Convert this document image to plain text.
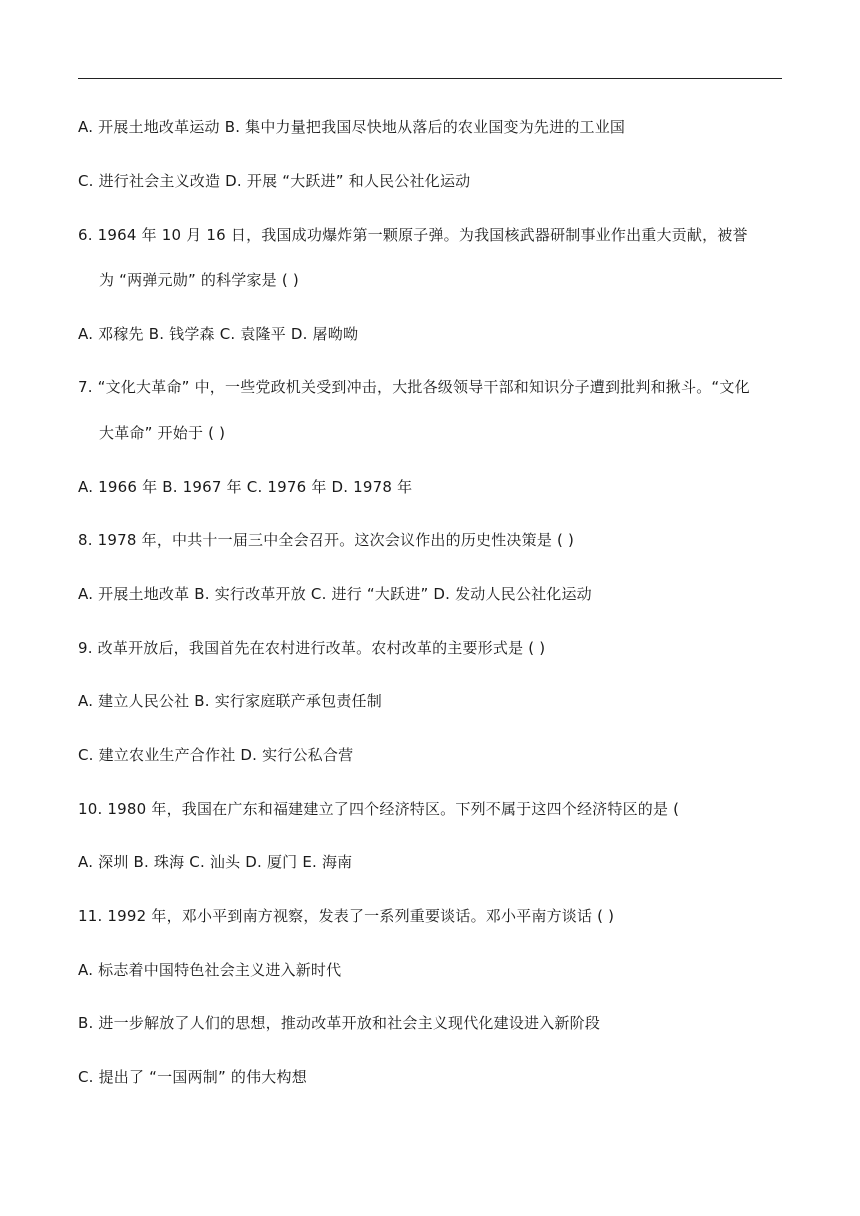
A. 开展土地改革运动 B. 集中力量把我国尽快地从落后的农业国变为先进的工业国
C. 进行社会主义改造 D. 开展 “大跃进” 和人民公社化运动
6. 1964 年 10 月 16 日，我国成功爆炸第一颗原子弹。为我国核武器研制事业作出重大贡献，被誉
为 “两弹元勋” 的科学家是 ( )
A. 邓稼先 B. 钱学森 C. 袁隆平 D. 屠呦呦
7. “文化大革命” 中，一些党政机关受到冲击，大批各级领导干部和知识分子遭到批判和揪斗。“文化
大革命” 开始于 ( )
A. 1966 年 B. 1967 年 C. 1976 年 D. 1978 年
8. 1978 年，中共十一届三中全会召开。这次会议作出的历史性决策是 ( )
A. 开展土地改革 B. 实行改革开放 C. 进行 “大跃进” D. 发动人民公社化运动
9. 改革开放后，我国首先在农村进行改革。农村改革的主要形式是 ( )
A. 建立人民公社 B. 实行家庭联产承包责任制
C. 建立农业生产合作社 D. 实行公私合营
10. 1980 年，我国在广东和福建建立了四个经济特区。下列不属于这四个经济特区的是 (
A. 深圳 B. 珠海 C. 汕头 D. 厦门 E. 海南
11. 1992 年，邓小平到南方视察，发表了一系列重要谈话。邓小平南方谈话 ( )
A. 标志着中国特色社会主义进入新时代
B. 进一步解放了人们的思想，推动改革开放和社会主义现代化建设进入新阶段
C. 提出了 “一国两制” 的伟大构想
